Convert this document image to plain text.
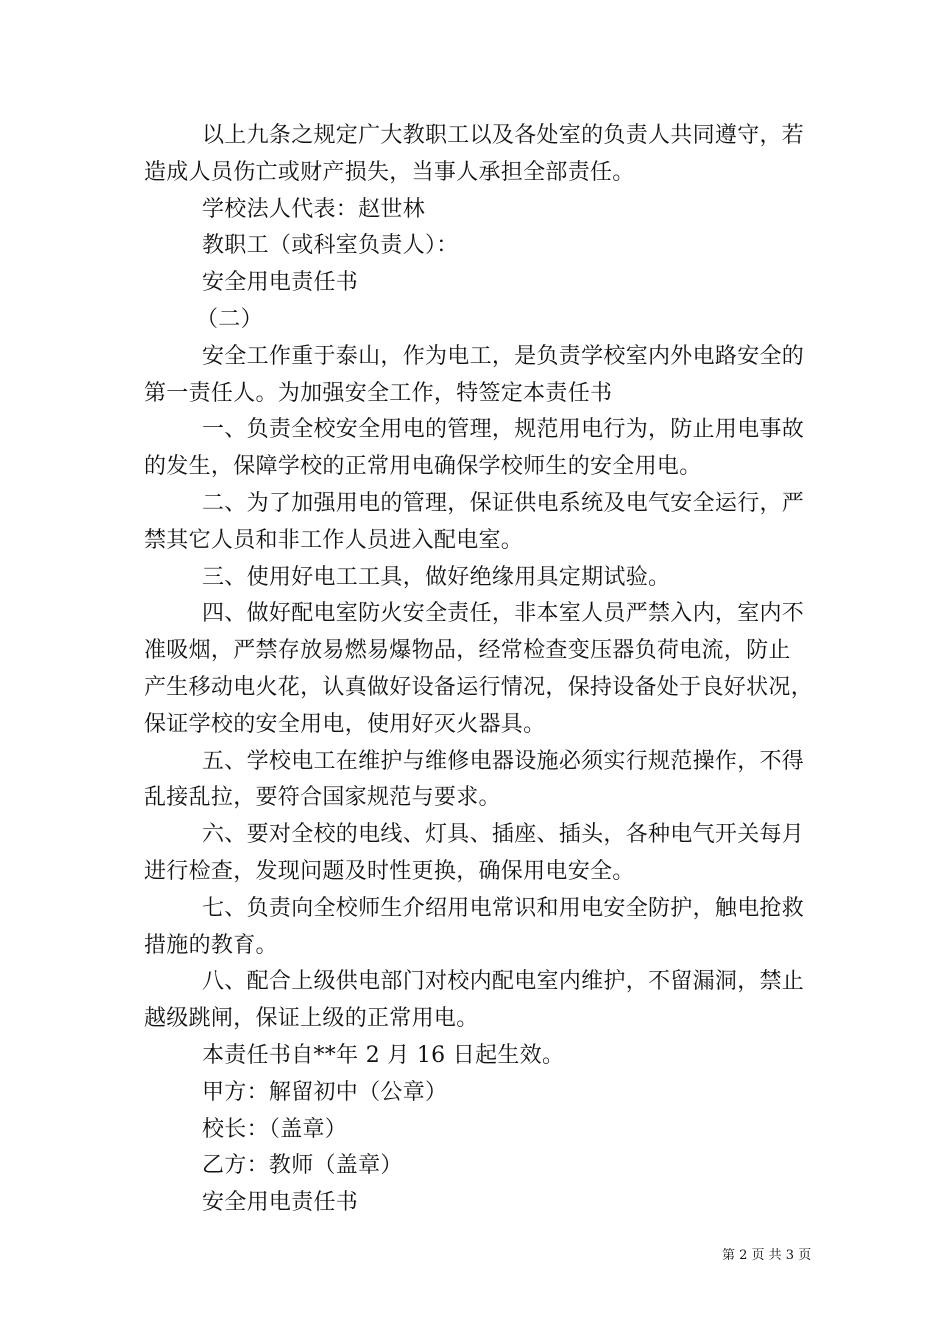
以上九条之规定广大教职工以及各处室的负责人共同遵守，若
造成人员伤亡或财产损失，当事人承担全部责任。
学校法人代表：赵世林
教职工（或科室负责人）：
安全用电责任书
（二）
安全工作重于泰山，作为电工，是负责学校室内外电路安全的
第一责任人。为加强安全工作，特签定本责任书
一、负责全校安全用电的管理，规范用电行为，防止用电事故
的发生，保障学校的正常用电确保学校师生的安全用电。
二、为了加强用电的管理，保证供电系统及电气安全运行，严
禁其它人员和非工作人员进入配电室。
三、使用好电工工具，做好绝缘用具定期试验。
四、做好配电室防火安全责任，非本室人员严禁入内，室内不
准吸烟，严禁存放易燃易爆物品，经常检查变压器负荷电流，防止
产生移动电火花，认真做好设备运行情况，保持设备处于良好状况，
保证学校的安全用电，使用好灭火器具。
五、学校电工在维护与维修电器设施必须实行规范操作，不得
乱接乱拉，要符合国家规范与要求。
六、要对全校的电线、灯具、插座、插头，各种电气开关每月
进行检查，发现问题及时性更换，确保用电安全。
七、负责向全校师生介绍用电常识和用电安全防护，触电抢救
措施的教育。
八、配合上级供电部门对校内配电室内维护，不留漏洞，禁止
越级跳闸，保证上级的正常用电。
本责任书自**年 2 月 16 日起生效。
甲方：解留初中（公章）
校长：（盖章）
乙方：教师（盖章）
安全用电责任书
第 2 页 共 3 页
